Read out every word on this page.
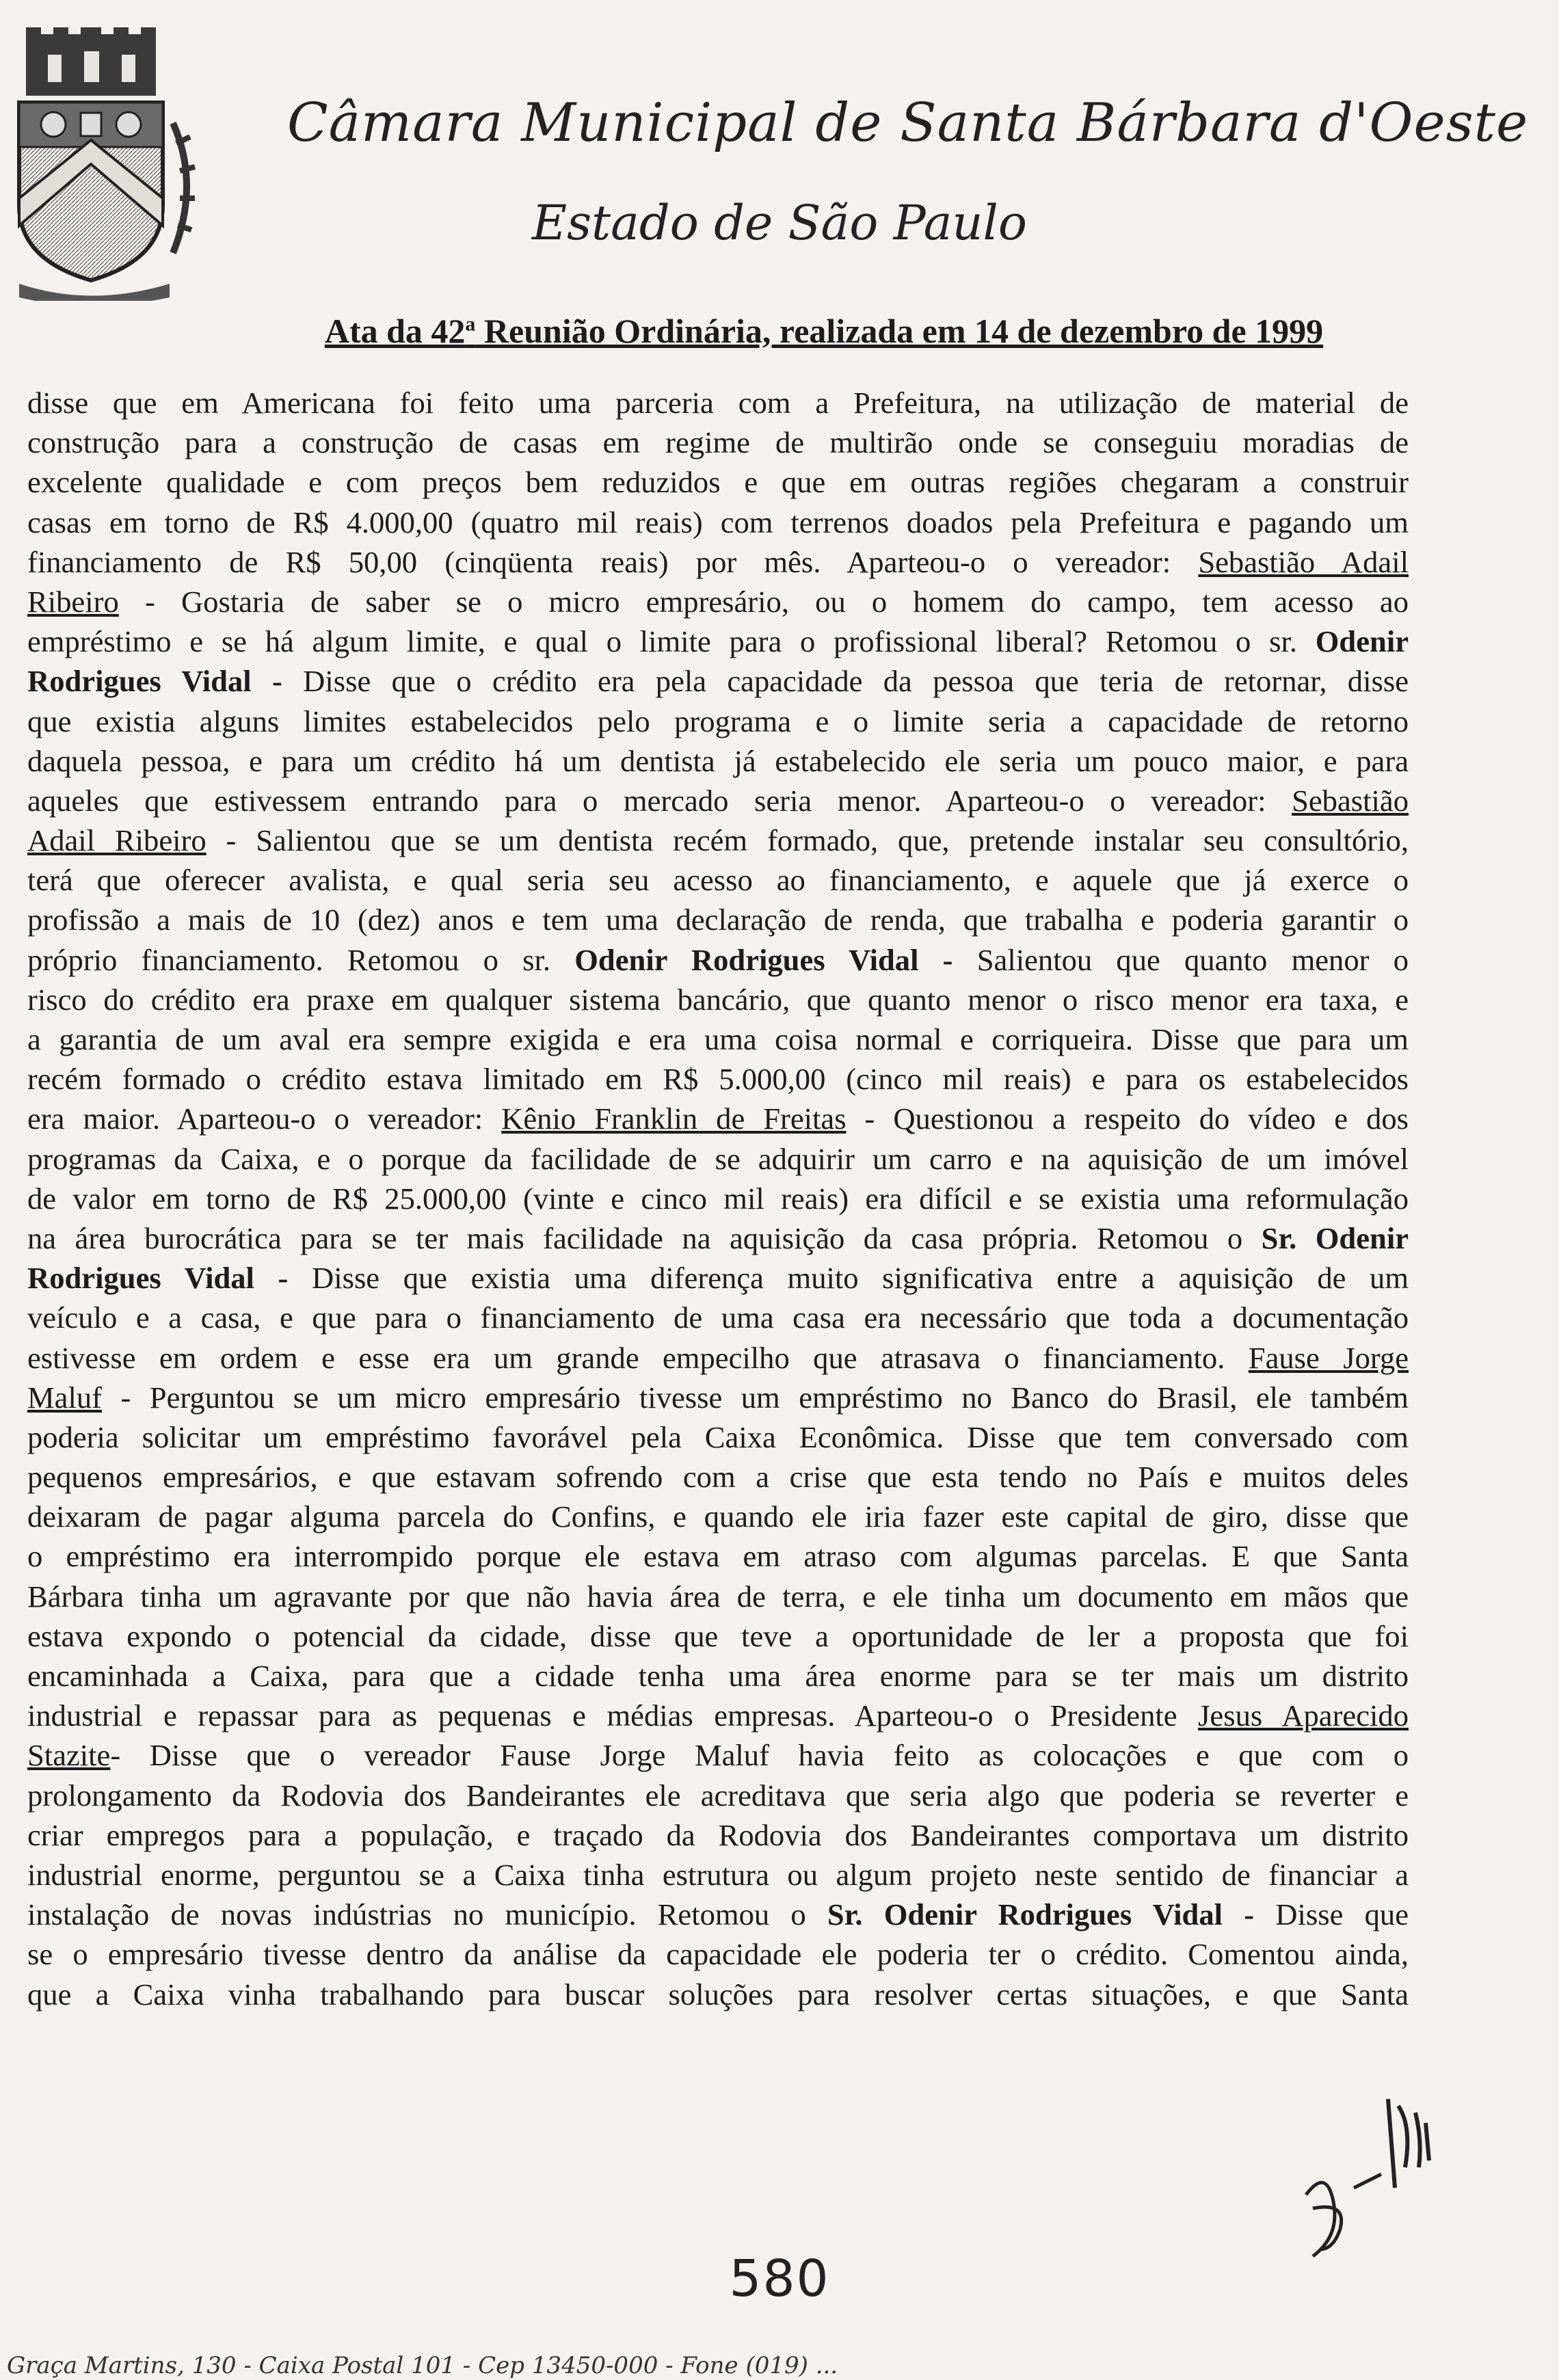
Câmara Municipal de Santa Bárbara d'Oeste
Estado de São Paulo
Ata da 42$^a$ Reunião Ordinária, realizada em 14 de dezembro de 1999
disse que em Americana foi feito uma parceria com a Prefeitura, na utilização de material de
construção para a construção de casas em regime de multirão onde se conseguiu moradias de
excelente qualidade e com preços bem reduzidos e que em outras regiões chegaram a construir
casas em torno de R$ 4.000,00 (quatro mil reais) com terrenos doados pela Prefeitura e pagando um
financiamento de R$ 50,00 (cinqüenta reais) por mês. Aparteou-o o vereador: Sebastião Adail
Ribeiro - Gostaria de saber se o micro empresário, ou o homem do campo, tem acesso ao
empréstimo e se há algum limite, e qual o limite para o profissional liberal? Retomou o sr. Odenir
Rodrigues Vidal - Disse que o crédito era pela capacidade da pessoa que teria de retornar, disse
que existia alguns limites estabelecidos pelo programa e o limite seria a capacidade de retorno
daquela pessoa, e para um crédito há um dentista já estabelecido ele seria um pouco maior, e para
aqueles que estivessem entrando para o mercado seria menor. Aparteou-o o vereador: Sebastião
Adail Ribeiro - Salientou que se um dentista recém formado, que, pretende instalar seu consultório,
terá que oferecer avalista, e qual seria seu acesso ao financiamento, e aquele que já exerce o
profissão a mais de 10 (dez) anos e tem uma declaração de renda, que trabalha e poderia garantir o
próprio financiamento. Retomou o sr. Odenir Rodrigues Vidal - Salientou que quanto menor o
risco do crédito era praxe em qualquer sistema bancário, que quanto menor o risco menor era taxa, e
a garantia de um aval era sempre exigida e era uma coisa normal e corriqueira. Disse que para um
recém formado o crédito estava limitado em R$ 5.000,00 (cinco mil reais) e para os estabelecidos
era maior. Aparteou-o o vereador: Kênio Franklin de Freitas - Questionou a respeito do vídeo e dos
programas da Caixa, e o porque da facilidade de se adquirir um carro e na aquisição de um imóvel
de valor em torno de R$ 25.000,00 (vinte e cinco mil reais) era difícil e se existia uma reformulação
na área burocrática para se ter mais facilidade na aquisição da casa própria. Retomou o Sr. Odenir
Rodrigues Vidal - Disse que existia uma diferença muito significativa entre a aquisição de um
veículo e a casa, e que para o financiamento de uma casa era necessário que toda a documentação
estivesse em ordem e esse era um grande empecilho que atrasava o financiamento. Fause Jorge
Maluf - Perguntou se um micro empresário tivesse um empréstimo no Banco do Brasil, ele também
poderia solicitar um empréstimo favorável pela Caixa Econômica. Disse que tem conversado com
pequenos empresários, e que estavam sofrendo com a crise que esta tendo no País e muitos deles
deixaram de pagar alguma parcela do Confins, e quando ele iria fazer este capital de giro, disse que
o empréstimo era interrompido porque ele estava em atraso com algumas parcelas. E que Santa
Bárbara tinha um agravante por que não havia área de terra, e ele tinha um documento em mãos que
estava expondo o potencial da cidade, disse que teve a oportunidade de ler a proposta que foi
encaminhada a Caixa, para que a cidade tenha uma área enorme para se ter mais um distrito
industrial e repassar para as pequenas e médias empresas. Aparteou-o o Presidente Jesus Aparecido
Stazite- Disse que o vereador Fause Jorge Maluf havia feito as colocações e que com o
prolongamento da Rodovia dos Bandeirantes ele acreditava que seria algo que poderia se reverter e
criar empregos para a população, e traçado da Rodovia dos Bandeirantes comportava um distrito
industrial enorme, perguntou se a Caixa tinha estrutura ou algum projeto neste sentido de financiar a
instalação de novas indústrias no município. Retomou o Sr. Odenir Rodrigues Vidal - Disse que
se o empresário tivesse dentro da análise da capacidade ele poderia ter o crédito. Comentou ainda,
que a Caixa vinha trabalhando para buscar soluções para resolver certas situações, e que Santa
580
Graça Martins, 130 - Caixa Postal 101 - Cep 13450-000 - Fone (019) ...
